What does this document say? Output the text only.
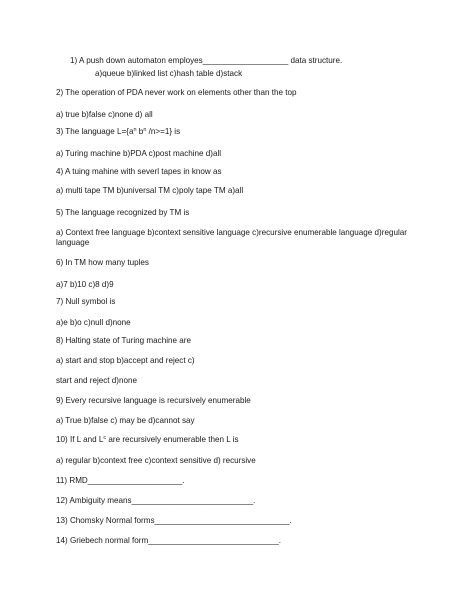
1) A push down automaton employes___________________ data structure.
a)queue b)linked list c)hash table d)stack
2) The operation of PDA never work on elements other than the top
a) true b)false c)none d) all
3) The language $L=\{a^n$ $b^n$ /n>=1} is
a) Turing machine b)PDA c)post machine d)all
4) A tuing mahine with severl tapes in know as
a) multi tape TM b)universal TM c)poly tape TM a)all
5) The language recognized by TM is
a) Context free language b)context sensitive language c)recursive enumerable language d)regular language
6) In TM how many tuples
a)7 b)10 c)8 d)9
7) Null symbol is
a)e b)o c)null d)none
8) Halting state of Turing machine are
a) start and stop b)accept and reject c)
start and reject d)none
9) Every recursive language is recursively enumerable
a) True b)false c) may be d)cannot say
10) If L and $L^c$ are recursively enumerable then L is
a) regular b)context free c)context sensitive d) recursive
11) RMD_____________________.
12) Ambiguity means___________________________.
13) Chomsky Normal forms______________________________.
14) Griebech normal form_____________________________.
